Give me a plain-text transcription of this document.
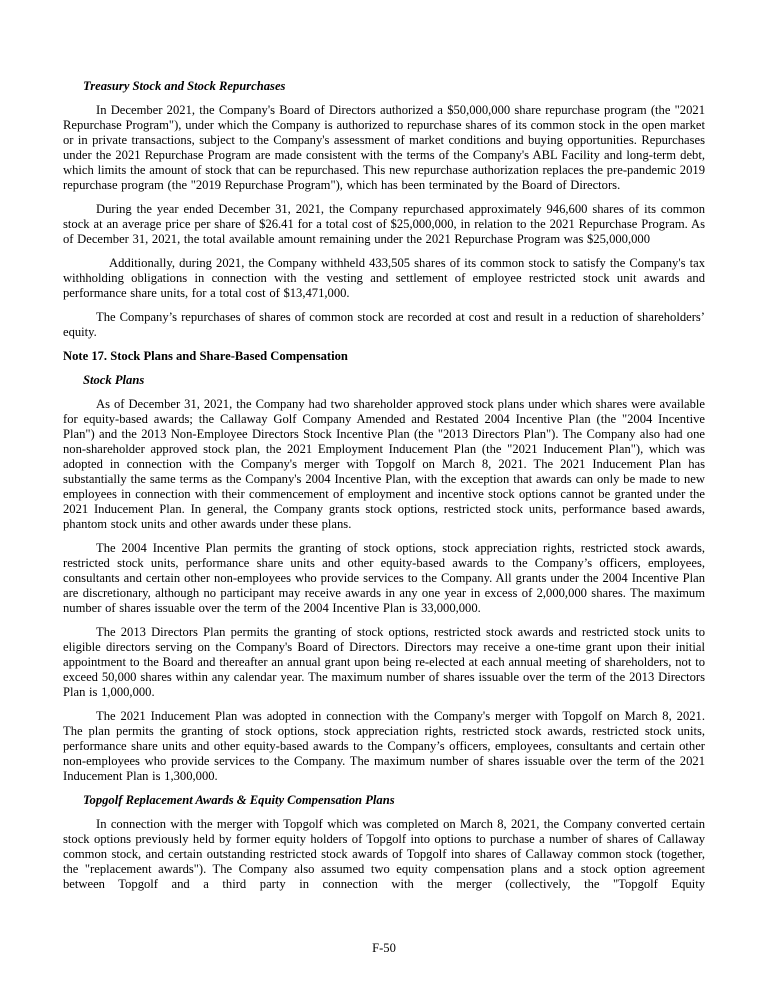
Treasury Stock and Stock Repurchases

In December 2021, the Company's Board of Directors authorized a $50,000,000 share repurchase program (the "2021 Repurchase Program"), under which the Company is authorized to repurchase shares of its common stock in the open market or in private transactions, subject to the Company's assessment of market conditions and buying opportunities. Repurchases under the 2021 Repurchase Program are made consistent with the terms of the Company's ABL Facility and long-term debt, which limits the amount of stock that can be repurchased. This new repurchase authorization replaces the pre-pandemic 2019 repurchase program (the "2019 Repurchase Program"), which has been terminated by the Board of Directors.

During the year ended December 31, 2021, the Company repurchased approximately 946,600 shares of its common stock at an average price per share of $26.41 for a total cost of $25,000,000, in relation to the 2021 Repurchase Program. As of December 31, 2021, the total available amount remaining under the 2021 Repurchase Program was $25,000,000

Additionally, during 2021, the Company withheld 433,505 shares of its common stock to satisfy the Company's tax withholding obligations in connection with the vesting and settlement of employee restricted stock unit awards and performance share units, for a total cost of $13,471,000.

The Company’s repurchases of shares of common stock are recorded at cost and result in a reduction of shareholders’ equity.

Note 17. Stock Plans and Share-Based Compensation
Stock Plans

As of December 31, 2021, the Company had two shareholder approved stock plans under which shares were available for equity-based awards; the Callaway Golf Company Amended and Restated 2004 Incentive Plan (the "2004 Incentive Plan") and the 2013 Non-Employee Directors Stock Incentive Plan (the "2013 Directors Plan"). The Company also had one non-shareholder approved stock plan, the 2021 Employment Inducement Plan (the "2021 Inducement Plan"), which was adopted in connection with the Company's merger with Topgolf on March 8, 2021. The 2021 Inducement Plan has substantially the same terms as the Company's 2004 Incentive Plan, with the exception that awards can only be made to new employees in connection with their commencement of employment and incentive stock options cannot be granted under the 2021 Inducement Plan. In general, the Company grants stock options, restricted stock units, performance based awards, phantom stock units and other awards under these plans.

The 2004 Incentive Plan permits the granting of stock options, stock appreciation rights, restricted stock awards, restricted stock units, performance share units and other equity-based awards to the Company’s officers, employees, consultants and certain other non-employees who provide services to the Company. All grants under the 2004 Incentive Plan are discretionary, although no participant may receive awards in any one year in excess of 2,000,000 shares. The maximum number of shares issuable over the term of the 2004 Incentive Plan is 33,000,000.

The 2013 Directors Plan permits the granting of stock options, restricted stock awards and restricted stock units to eligible directors serving on the Company's Board of Directors. Directors may receive a one-time grant upon their initial appointment to the Board and thereafter an annual grant upon being re-elected at each annual meeting of shareholders, not to exceed 50,000 shares within any calendar year. The maximum number of shares issuable over the term of the 2013 Directors Plan is 1,000,000.

The 2021 Inducement Plan was adopted in connection with the Company's merger with Topgolf on March 8, 2021. The plan permits the granting of stock options, stock appreciation rights, restricted stock awards, restricted stock units, performance share units and other equity-based awards to the Company’s officers, employees, consultants and certain other non-employees who provide services to the Company. The maximum number of shares issuable over the term of the 2021 Inducement Plan is 1,300,000.

Topgolf Replacement Awards & Equity Compensation Plans

In connection with the merger with Topgolf which was completed on March 8, 2021, the Company converted certain stock options previously held by former equity holders of Topgolf into options to purchase a number of shares of Callaway common stock, and certain outstanding restricted stock awards of Topgolf into shares of Callaway common stock (together, the "replacement awards"). The Company also assumed two equity compensation plans and a stock option agreement between Topgolf and a third party in connection with the merger (collectively, the "Topgolf Equity

F-50
